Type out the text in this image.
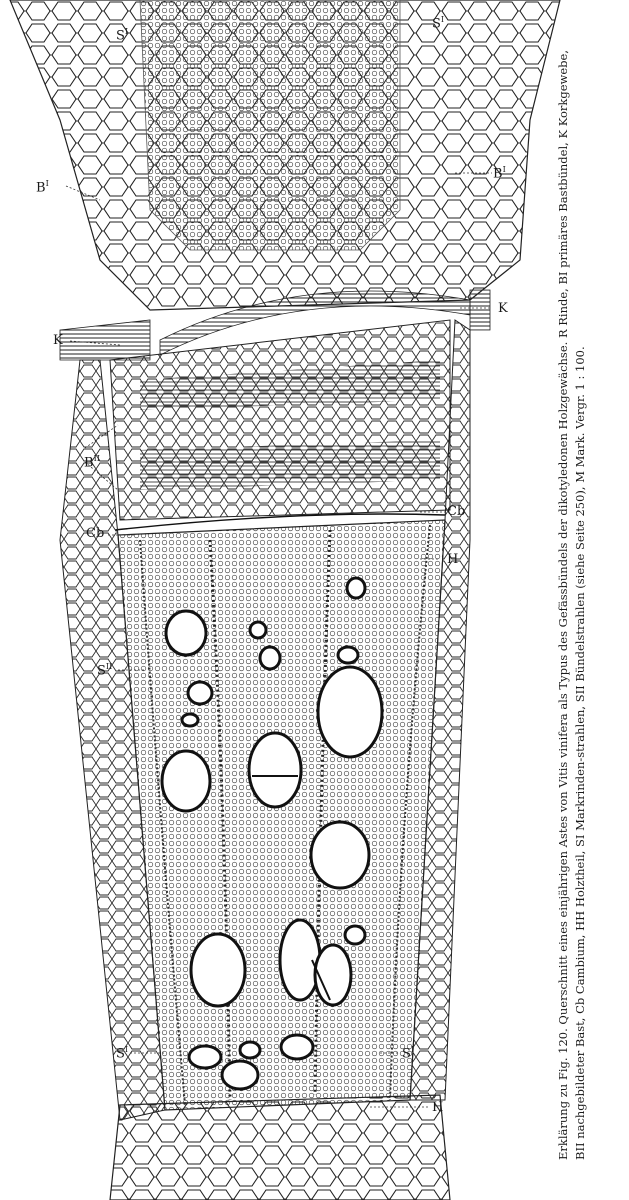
$S^I$
$S^I$
$B^I$
$B^I$
K
K
$B^{II}$
Cb
Cb
H
$S^{II}$
$S^I$	$S^I$
H	Erklärung zu Fig. 120. Querschnitt eines einjährigen Astes von Vitis vinifera als Typus des Gefässbündels der dikotyledonen Holzgewächse. R Rinde, BI primäres Bastbündel, K Korkgewebe, BII nachgebildeter Bast, Cb Cambium, HH Holztheil, SI Markrinden-strahlen, SII Bündelstrahlen (siehe Seite 250), M Mark. Vergr. 1 : 100.
